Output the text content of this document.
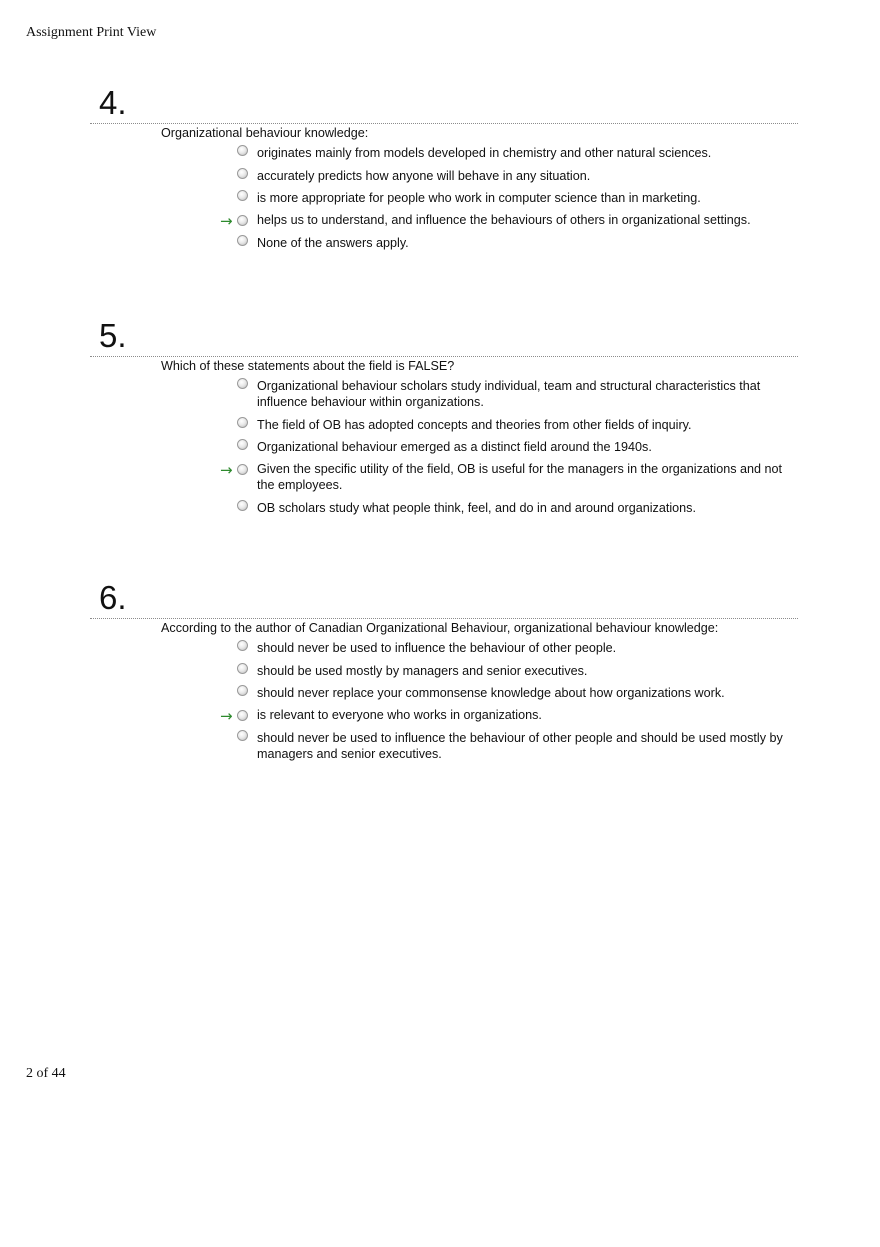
Assignment Print View
4.
Organizational behaviour knowledge:
originates mainly from models developed in chemistry and other natural sciences.
accurately predicts how anyone will behave in any situation.
is more appropriate for people who work in computer science than in marketing.
→ helps us to understand, and influence the behaviours of others in organizational settings.
None of the answers apply.
5.
Which of these statements about the field is FALSE?
Organizational behaviour scholars study individual, team and structural characteristics that influence behaviour within organizations.
The field of OB has adopted concepts and theories from other fields of inquiry.
Organizational behaviour emerged as a distinct field around the 1940s.
→ Given the specific utility of the field, OB is useful for the managers in the organizations and not the employees.
OB scholars study what people think, feel, and do in and around organizations.
6.
According to the author of Canadian Organizational Behaviour, organizational behaviour knowledge:
should never be used to influence the behaviour of other people.
should be used mostly by managers and senior executives.
should never replace your commonsense knowledge about how organizations work.
→ is relevant to everyone who works in organizations.
should never be used to influence the behaviour of other people and should be used mostly by managers and senior executives.
2 of 44
